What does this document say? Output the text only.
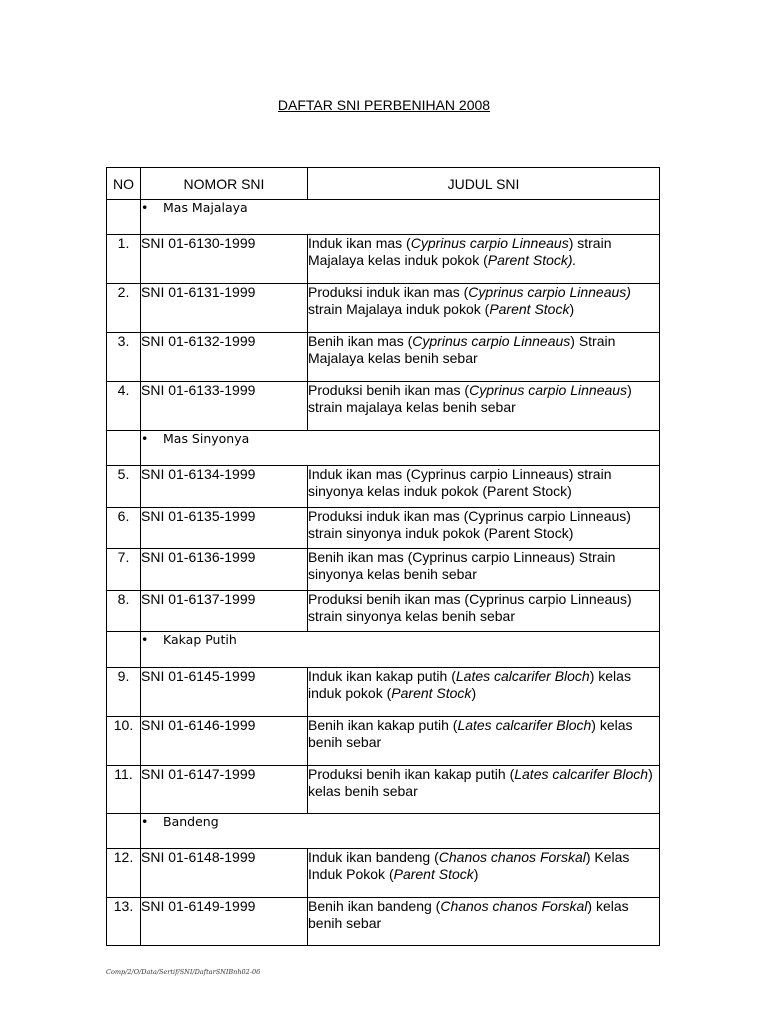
DAFTAR SNI PERBENIHAN 2008
NO	NOMOR SNI	JUDUL SNI
	• Mas Majalaya	
1.	SNI 01-6130-1999	Induk ikan mas (Cyprinus carpio Linneaus) strain Majalaya kelas induk pokok (Parent Stock).
2.	SNI 01-6131-1999	Produksi induk ikan mas (Cyprinus carpio Linneaus) strain Majalaya induk pokok (Parent Stock)
3.	SNI 01-6132-1999	Benih ikan mas (Cyprinus carpio Linneaus) Strain Majalaya kelas benih sebar
4.	SNI 01-6133-1999	Produksi benih ikan mas (Cyprinus carpio Linneaus) strain majalaya kelas benih sebar
	• Mas Sinyonya	
5.	SNI 01-6134-1999	Induk ikan mas (Cyprinus carpio Linneaus) strain sinyonya kelas induk pokok (Parent Stock)
6.	SNI 01-6135-1999	Produksi induk ikan mas (Cyprinus carpio Linneaus) strain sinyonya induk pokok (Parent Stock)
7.	SNI 01-6136-1999	Benih ikan mas (Cyprinus carpio Linneaus) Strain sinyonya kelas benih sebar
8.	SNI 01-6137-1999	Produksi benih ikan mas (Cyprinus carpio Linneaus) strain sinyonya kelas benih sebar
	• Kakap Putih	
9.	SNI 01-6145-1999	Induk ikan kakap putih (Lates calcarifer Bloch) kelas induk pokok (Parent Stock)
10.	SNI 01-6146-1999	Benih ikan kakap putih (Lates calcarifer Bloch) kelas benih sebar
11.	SNI 01-6147-1999	Produksi benih ikan kakap putih (Lates calcarifer Bloch) kelas benih sebar
	• Bandeng	
12.	SNI 01-6148-1999	Induk ikan bandeng (Chanos chanos Forskal) Kelas Induk Pokok (Parent Stock)
13.	SNI 01-6149-1999	Benih ikan bandeng (Chanos chanos Forskal) kelas benih sebar
Comp/2/O/Data/Sertif/SNI/DaftarSNIBnh02-06
